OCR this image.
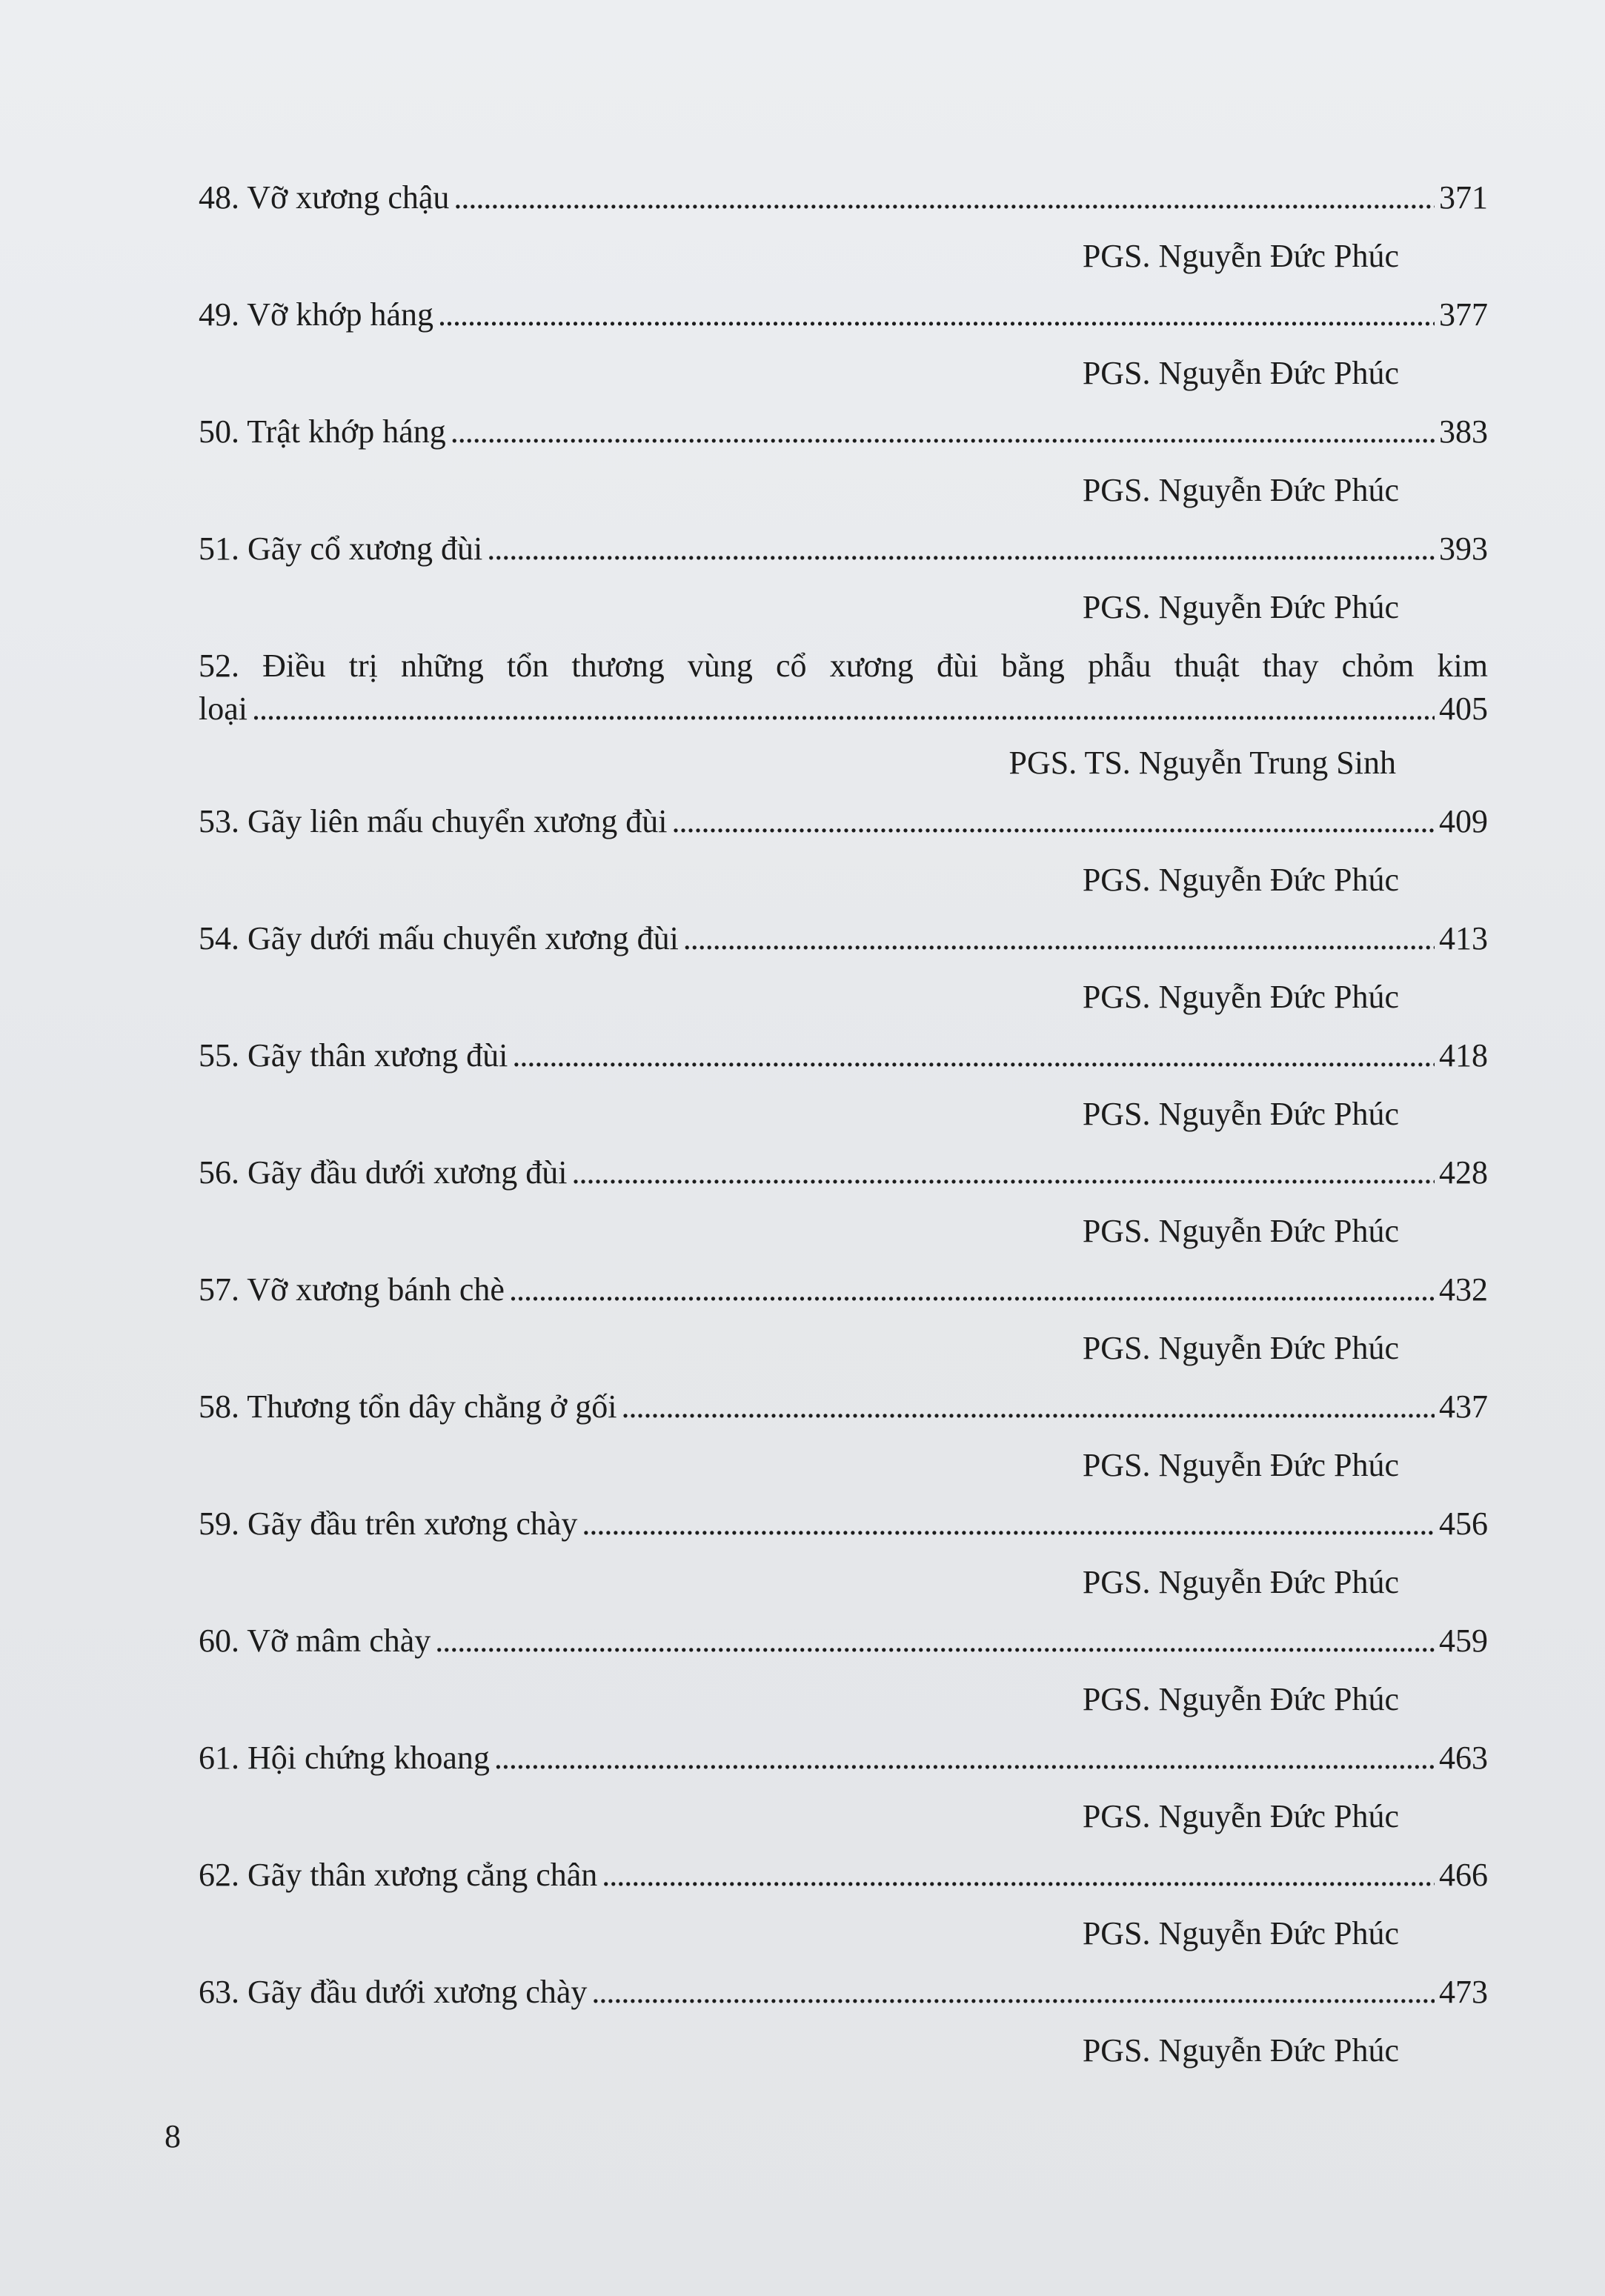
48. Vỡ xương chậu . . .	371
PGS. Nguyễn Đức Phúc
49. Vỡ khớp háng . . .	377
PGS. Nguyễn Đức Phúc
50. Trật khớp háng . . .	383
PGS. Nguyễn Đức Phúc
51. Gãy cổ xương đùi . . .	393
PGS. Nguyễn Đức Phúc
52. Điều trị những tổn thương vùng cổ xương đùi bằng phẫu thuật thay chỏm kim
loại . . .	405
PGS. TS. Nguyễn Trung Sinh
53. Gãy liên mấu chuyển xương đùi . . .	409
PGS. Nguyễn Đức Phúc
54. Gãy dưới mấu chuyển xương đùi . . .	413
PGS. Nguyễn Đức Phúc
55. Gãy thân xương đùi . . .	418
PGS. Nguyễn Đức Phúc
56. Gãy đầu dưới xương đùi . . .	428
PGS. Nguyễn Đức Phúc
57. Vỡ xương bánh chè . . .	432
PGS. Nguyễn Đức Phúc
58. Thương tổn dây chằng ở gối . . .	437
PGS. Nguyễn Đức Phúc
59. Gãy đầu trên xương chày . . .	456
PGS. Nguyễn Đức Phúc
60. Vỡ mâm chày . . .	459
PGS. Nguyễn Đức Phúc
61. Hội chứng khoang . . .	463
PGS. Nguyễn Đức Phúc
62. Gãy thân xương cẳng chân . . .	466
PGS. Nguyễn Đức Phúc
63. Gãy đầu dưới xương chày . . .	473
PGS. Nguyễn Đức Phúc
8
